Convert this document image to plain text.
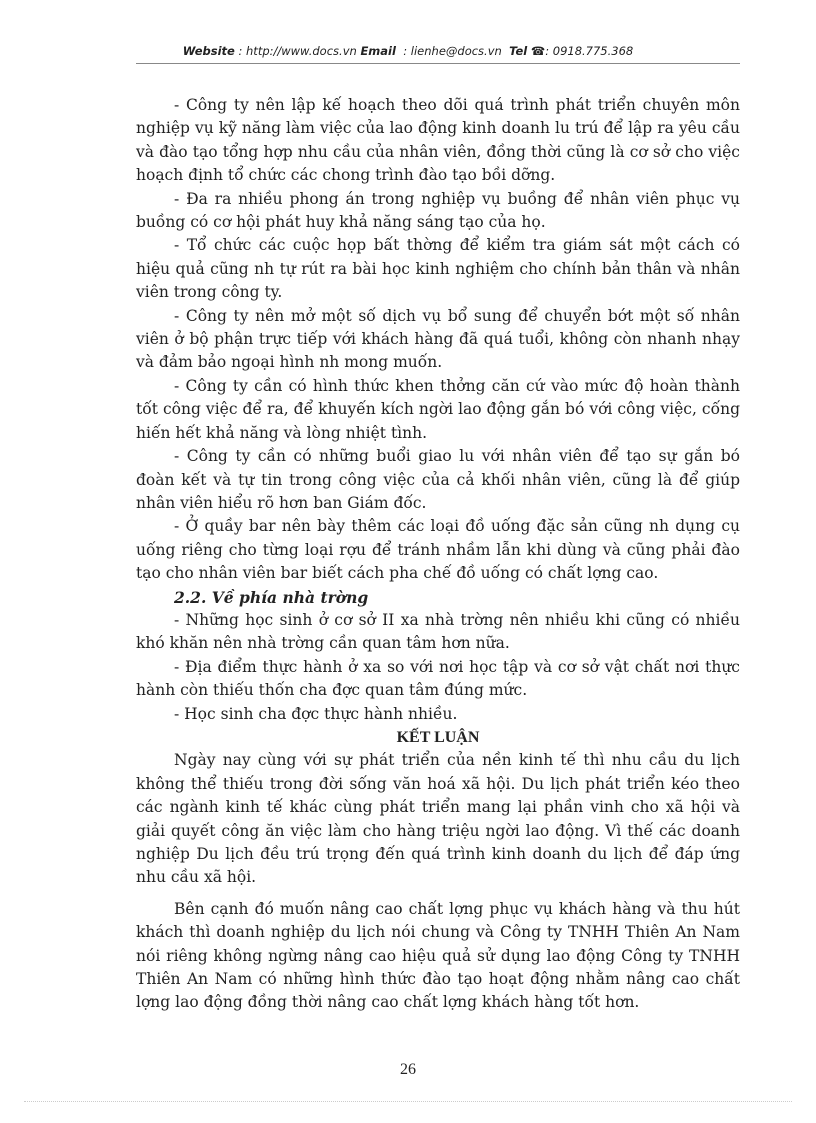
Website : http://www.docs.vn Email  : lienhe@docs.vn Tel ☎: 0918.775.368

- Công ty nên lập kế hoạch theo dõi quá trình phát triển chuyên môn nghiệp vụ kỹ năng làm việc của lao động kinh doanh lu trú để lập ra yêu cầu và đào tạo tổng hợp nhu cầu của nhân viên, đồng thời cũng là cơ sở cho việc hoạch định tổ chức các chong trình đào tạo bồi dỡng.

- Đa ra nhiều phong án trong nghiệp vụ buồng để nhân viên phục vụ buồng có cơ hội phát huy khả năng sáng tạo của họ.

- Tổ chức các cuộc họp bất thờng để kiểm tra giám sát một cách có hiệu quả cũng nh tự rút ra bài học kinh nghiệm cho chính bản thân và nhân viên trong công ty.

- Công ty nên mở một số dịch vụ bổ sung để chuyển bớt một số nhân viên ở bộ phận trực tiếp với khách hàng đã quá tuổi, không còn nhanh nhạy và đảm bảo ngoại hình nh mong muốn.

- Công ty cần có hình thức khen thởng căn cứ vào mức độ hoàn thành tốt công việc để ra, để khuyến kích ngời lao động gắn bó với công việc, cống hiến hết khả năng và lòng nhiệt tình.

- Công ty cần có những buổi giao lu với nhân viên để tạo sự gắn bó đoàn kết và tự tin trong công việc của cả khối nhân viên, cũng là để giúp nhân viên hiểu rõ hơn ban Giám đốc.

- Ở quầy bar nên bày thêm các loại đồ uống đặc sản cũng nh dụng cụ uống riêng cho từng loại rợu để tránh nhầm lẫn khi dùng và cũng phải đào tạo cho nhân viên bar biết cách pha chế đồ uống có chất lợng cao.

2.2. Về phía nhà trờng

- Những học sinh ở cơ sở II xa nhà trờng nên nhiều khi cũng có nhiều khó khăn nên nhà trờng cần quan tâm hơn nữa.

- Địa điểm thực hành ở xa so với nơi học tập và cơ sở vật chất nơi thực hành còn thiếu thốn cha đợc quan tâm đúng mức.

- Học sinh cha đợc thực hành nhiều.

KẾT LUẬN

Ngày nay cùng với sự phát triển của nền kinh tế thì nhu cầu du lịch không thể thiếu trong đời sống văn hoá xã hội. Du lịch phát triển kéo theo các ngành kinh tế khác cùng phát triển mang lại phần vinh cho xã hội và giải quyết công ăn việc làm cho hàng triệu ngời lao động. Vì thế các doanh nghiệp Du lịch đều trú trọng đến quá trình kinh doanh du lịch để đáp ứng nhu cầu xã hội.

Bên cạnh đó muốn nâng cao chất lợng phục vụ khách hàng và thu hút khách thì doanh nghiệp du lịch nói chung và Công ty TNHH Thiên An Nam nói riêng không ngừng nâng cao hiệu quả sử dụng lao động Công ty TNHH Thiên An Nam có những hình thức đào tạo hoạt động nhằm nâng cao chất lợng lao động đồng thời nâng cao chất lợng khách hàng tốt hơn.

26
